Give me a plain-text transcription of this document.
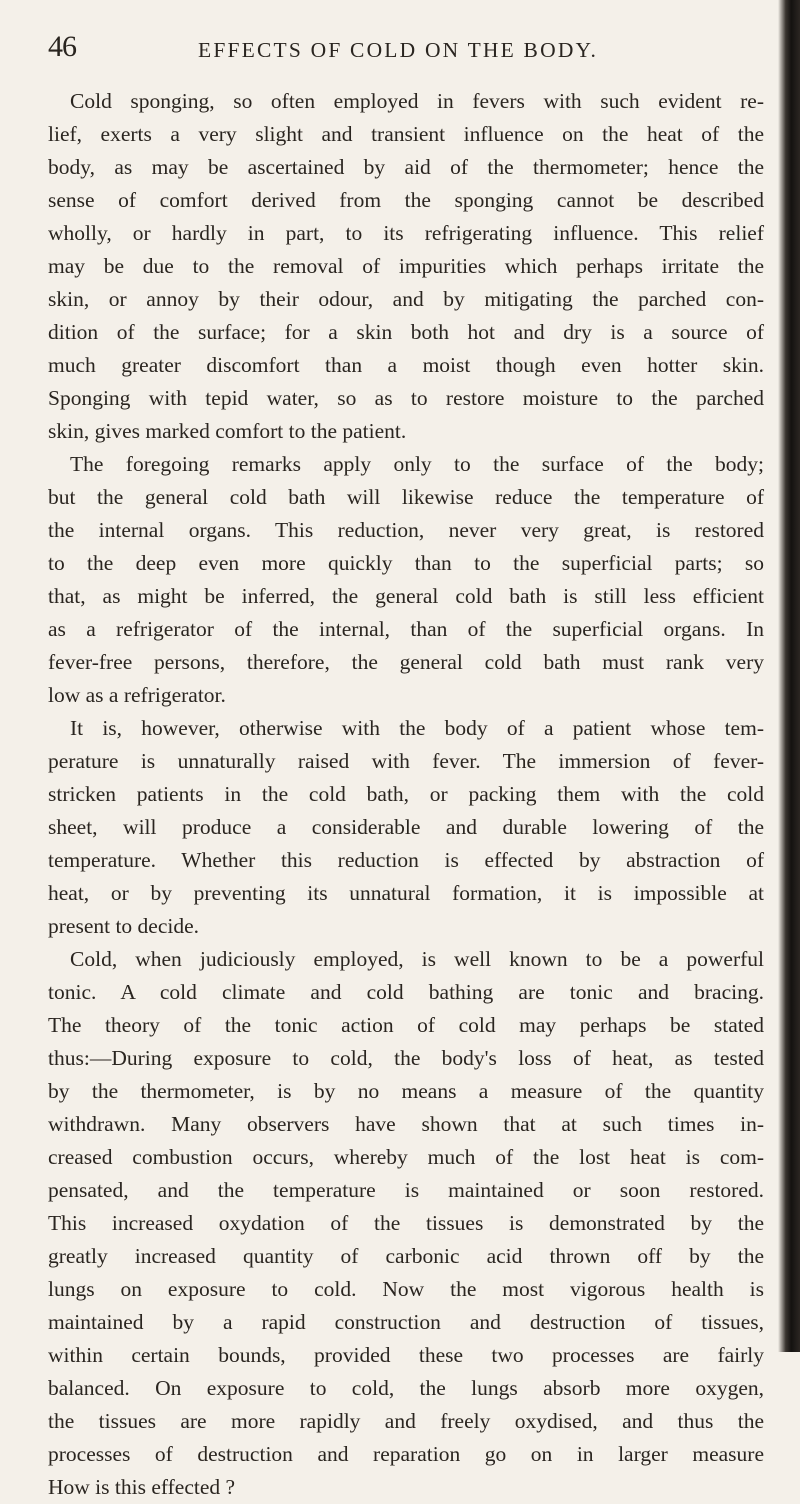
46	EFFECTS OF COLD ON THE BODY.
Cold sponging, so often employed in fevers with such evident re-
lief, exerts a very slight and transient influence on the heat of the
body, as may be ascertained by aid of the thermometer; hence the
sense of comfort derived from the sponging cannot be described
wholly, or hardly in part, to its refrigerating influence. This relief
may be due to the removal of impurities which perhaps irritate the
skin, or annoy by their odour, and by mitigating the parched con-
dition of the surface; for a skin both hot and dry is a source of
much greater discomfort than a moist though even hotter skin.
Sponging with tepid water, so as to restore moisture to the parched
skin, gives marked comfort to the patient.
The foregoing remarks apply only to the surface of the body;
but the general cold bath will likewise reduce the temperature of
the internal organs. This reduction, never very great, is restored
to the deep even more quickly than to the superficial parts; so
that, as might be inferred, the general cold bath is still less efficient
as a refrigerator of the internal, than of the superficial organs. In
fever-free persons, therefore, the general cold bath must rank very
low as a refrigerator.
It is, however, otherwise with the body of a patient whose tem-
perature is unnaturally raised with fever. The immersion of fever-
stricken patients in the cold bath, or packing them with the cold
sheet, will produce a considerable and durable lowering of the
temperature. Whether this reduction is effected by abstraction of
heat, or by preventing its unnatural formation, it is impossible at
present to decide.
Cold, when judiciously employed, is well known to be a powerful
tonic. A cold climate and cold bathing are tonic and bracing.
The theory of the tonic action of cold may perhaps be stated
thus:—During exposure to cold, the body's loss of heat, as tested
by the thermometer, is by no means a measure of the quantity
withdrawn. Many observers have shown that at such times in-
creased combustion occurs, whereby much of the lost heat is com-
pensated, and the temperature is maintained or soon restored.
This increased oxydation of the tissues is demonstrated by the
greatly increased quantity of carbonic acid thrown off by the
lungs on exposure to cold. Now the most vigorous health is
maintained by a rapid construction and destruction of tissues,
within certain bounds, provided these two processes are fairly
balanced. On exposure to cold, the lungs absorb more oxygen,
the tissues are more rapidly and freely oxydised, and thus the
processes of destruction and reparation go on in larger measure
How is this effected ?
